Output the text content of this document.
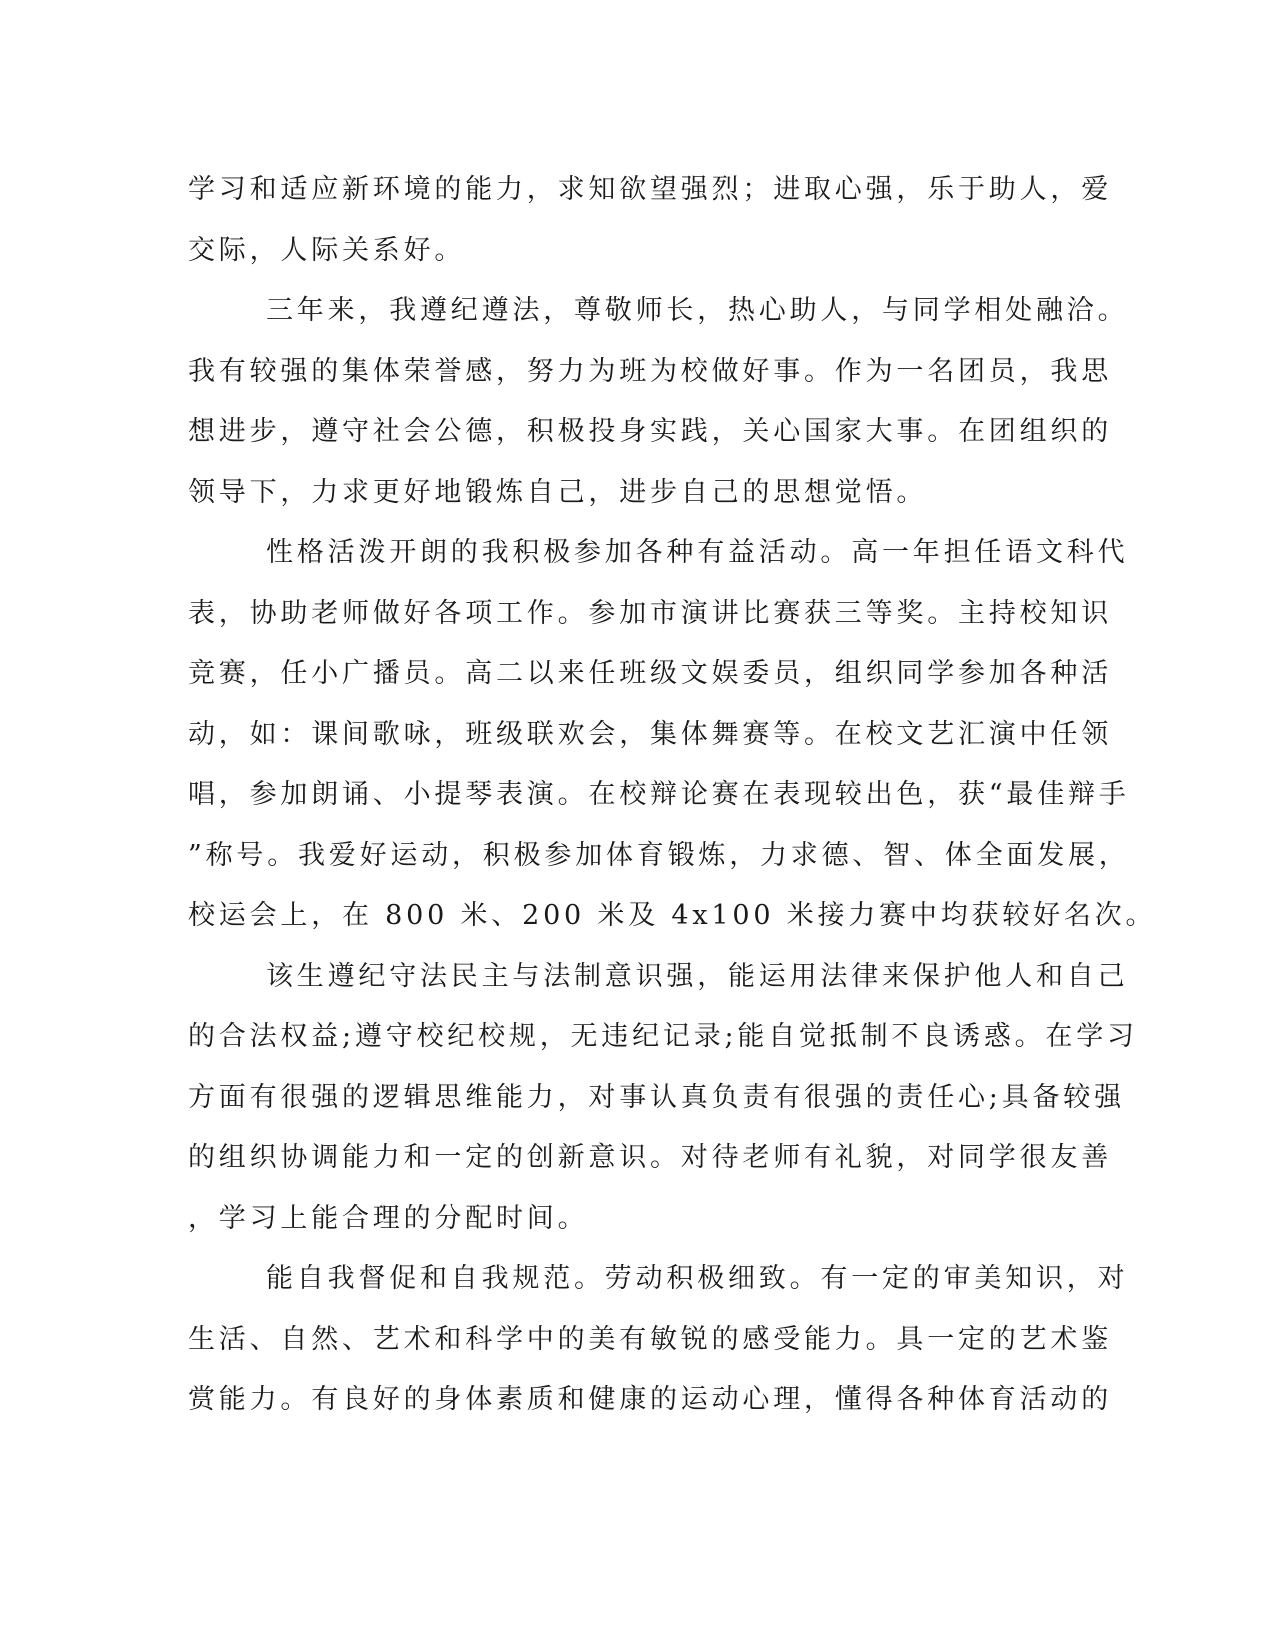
学习和适应新环境的能力，求知欲望强烈；进取心强，乐于助人，爱
交际，人际关系好。
三年来，我遵纪遵法，尊敬师长，热心助人，与同学相处融洽。
我有较强的集体荣誉感，努力为班为校做好事。作为一名团员，我思
想进步，遵守社会公德，积极投身实践，关心国家大事。在团组织的
领导下，力求更好地锻炼自己，进步自己的思想觉悟。
性格活泼开朗的我积极参加各种有益活动。高一年担任语文科代
表，协助老师做好各项工作。参加市演讲比赛获三等奖。主持校知识
竞赛，任小广播员。高二以来任班级文娱委员，组织同学参加各种活
动，如：课间歌咏，班级联欢会，集体舞赛等。在校文艺汇演中任领
唱，参加朗诵、小提琴表演。在校辩论赛在表现较出色，获“最佳辩手
”称号。我爱好运动，积极参加体育锻炼，力求德、智、体全面发展，
校运会上，在 800 米、200 米及 4x100 米接力赛中均获较好名次。
该生遵纪守法民主与法制意识强，能运用法律来保护他人和自己
的合法权益;遵守校纪校规，无违纪记录;能自觉抵制不良诱惑。在学习
方面有很强的逻辑思维能力，对事认真负责有很强的责任心;具备较强
的组织协调能力和一定的创新意识。对待老师有礼貌，对同学很友善
，学习上能合理的分配时间。
能自我督促和自我规范。劳动积极细致。有一定的审美知识，对
生活、自然、艺术和科学中的美有敏锐的感受能力。具一定的艺术鉴
赏能力。有良好的身体素质和健康的运动心理，懂得各种体育活动的
